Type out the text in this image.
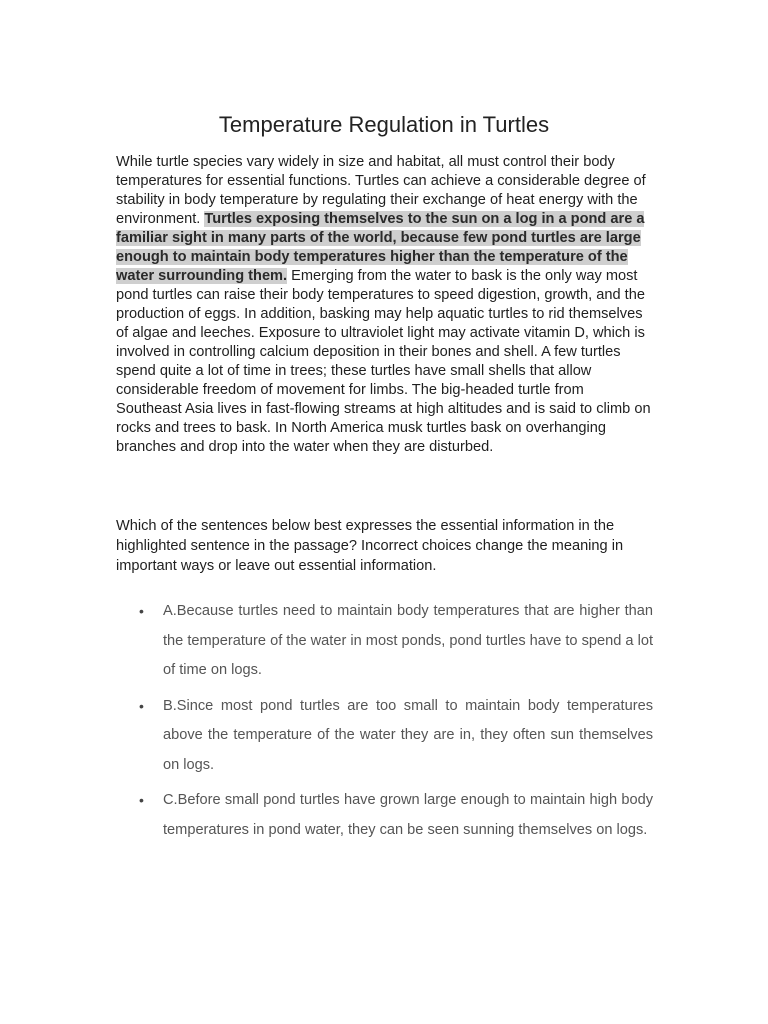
Temperature Regulation in Turtles

While turtle species vary widely in size and habitat, all must control their body temperatures for essential functions. Turtles can achieve a considerable degree of stability in body temperature by regulating their exchange of heat energy with the environment. Turtles exposing themselves to the sun on a log in a pond are a familiar sight in many parts of the world, because few pond turtles are large enough to maintain body temperatures higher than the temperature of the water surrounding them. Emerging from the water to bask is the only way most pond turtles can raise their body temperatures to speed digestion, growth, and the production of eggs. In addition, basking may help aquatic turtles to rid themselves of algae and leeches. Exposure to ultraviolet light may activate vitamin D, which is involved in controlling calcium deposition in their bones and shell. A few turtles spend quite a lot of time in trees; these turtles have small shells that allow considerable freedom of movement for limbs. The big-headed turtle from Southeast Asia lives in fast-flowing streams at high altitudes and is said to climb on rocks and trees to bask. In North America musk turtles bask on overhanging branches and drop into the water when they are disturbed.

Which of the sentences below best expresses the essential information in the highlighted sentence in the passage? Incorrect choices change the meaning in important ways or leave out essential information.

• A.Because turtles need to maintain body temperatures that are higher than the temperature of the water in most ponds, pond turtles have to spend a lot of time on logs.
• B.Since most pond turtles are too small to maintain body temperatures above the temperature of the water they are in, they often sun themselves on logs.
• C.Before small pond turtles have grown large enough to maintain high body temperatures in pond water, they can be seen sunning themselves on logs.
